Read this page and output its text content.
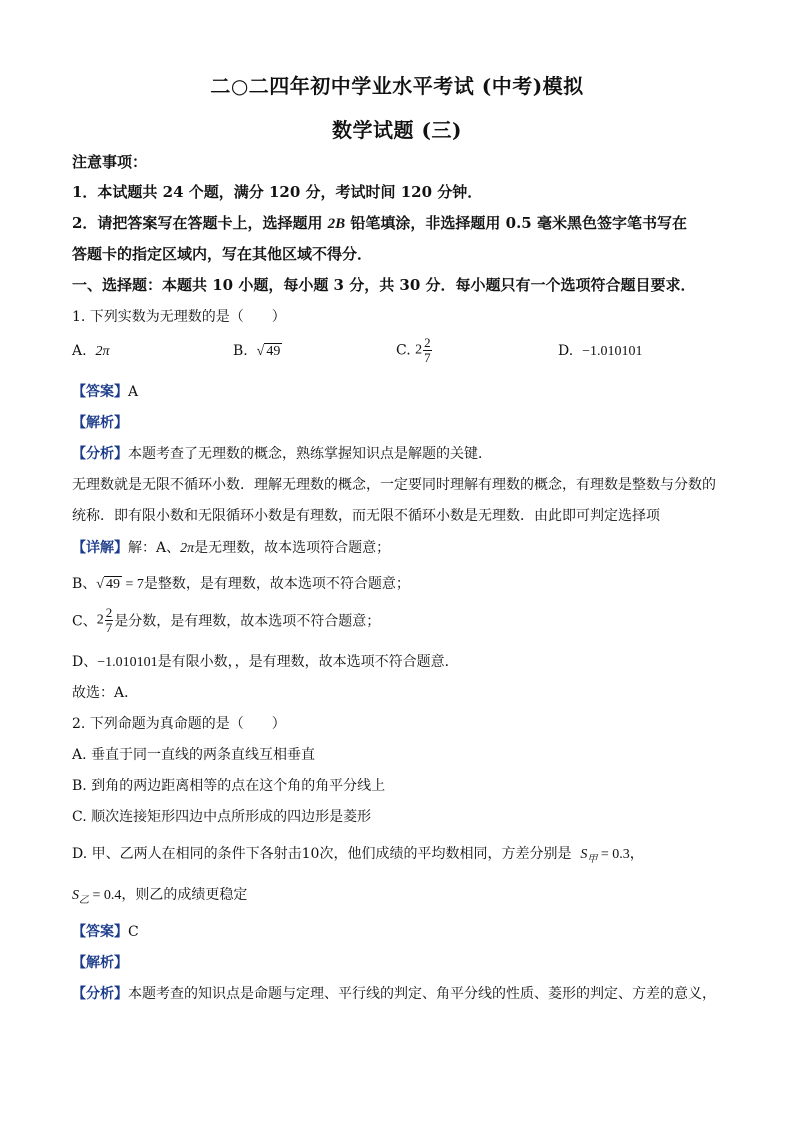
二○二四年初中学业水平考试 (中考)模拟
数学试题 (三)
注意事项：
1．本试题共 24 个题，满分 120 分，考试时间 120 分钟．
2．请把答案写在答题卡上，选择题用 2B 铅笔填涂，非选择题用 0.5 毫米黑色签字笔书写在
答题卡的指定区域内，写在其他区域不得分．
一、选择题：本题共 10 小题，每小题 3 分，共 30 分．每小题只有一个选项符合题目要求．
1. 下列实数为无理数的是（　　）
A. 2π	B. √ 49	C. $2 \frac{2}{7}$	D. −1.010101
【答案】A
【解析】
【分析】本题考查了无理数的概念，熟练掌握知识点是解题的关键．
无理数就是无限不循环小数．理解无理数的概念，一定要同时理解有理数的概念，有理数是整数与分数的
统称．即有限小数和无限循环小数是有理数，而无限不循环小数是无理数．由此即可判定选择项
【详解】解：A、2π是无理数，故本选项符合题意；
B、√ 49 = 7是整数，是有理数，故本选项不符合题意；
C、$2 \frac{2}{7}$ 是分数，是有理数，故本选项不符合题意；
D、−1.010101是有限小数，，是有理数，故本选项不符合题意．
故选：A．
2. 下列命题为真命题的是（　　）
A. 垂直于同一直线的两条直线互相垂直
B. 到角的两边距离相等的点在这个角的角平分线上
C. 顺次连接矩形四边中点所形成的四边形是菱形
D. 甲、乙两人在相同的条件下各射击10次，他们成绩的平均数相同，方差分别是 $S_甲 = 0.3$，
$S_乙 = 0.4$，则乙的成绩更稳定
【答案】C
【解析】
【分析】本题考查的知识点是命题与定理、平行线的判定、角平分线的性质、菱形的判定、方差的意义，
